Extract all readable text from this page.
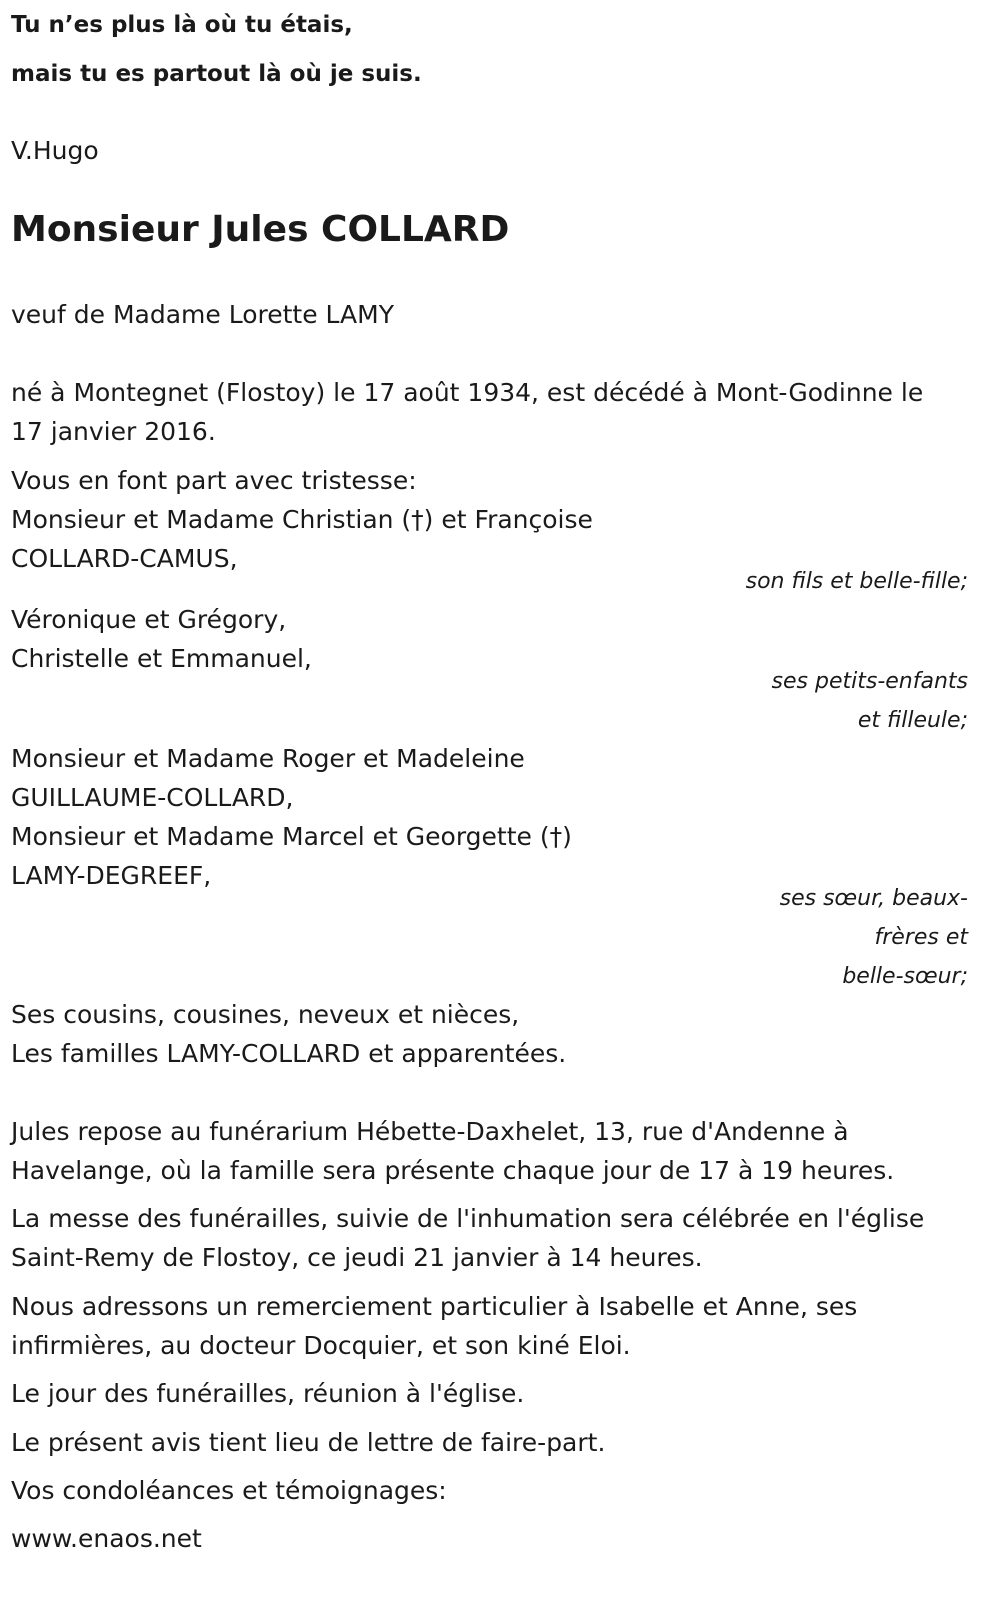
Tu n’es plus là où tu étais,
mais tu es partout là où je suis.
V.Hugo
Monsieur Jules COLLARD
veuf de Madame Lorette LAMY
né à Montegnet (Flostoy) le 17 août 1934, est décédé à Mont-Godinne le
17 janvier 2016.
Vous en font part avec tristesse:
Monsieur et Madame Christian (†) et Françoise
COLLARD-CAMUS,
son fils et belle-fille;
Véronique et Grégory,
Christelle et Emmanuel,
ses petits-enfants
et filleule;
Monsieur et Madame Roger et Madeleine
GUILLAUME-COLLARD,
Monsieur et Madame Marcel et Georgette (†)
LAMY-DEGREEF,
ses sœur, beaux-
frères et
belle-sœur;
Ses cousins, cousines, neveux et nièces,
Les familles LAMY-COLLARD et apparentées.
Jules repose au funérarium Hébette-Daxhelet, 13, rue d'Andenne à
Havelange, où la famille sera présente chaque jour de 17 à 19 heures.
La messe des funérailles, suivie de l'inhumation sera célébrée en l'église
Saint-Remy de Flostoy, ce jeudi 21 janvier à 14 heures.
Nous adressons un remerciement particulier à Isabelle et Anne, ses
infirmières, au docteur Docquier, et son kiné Eloi.
Le jour des funérailles, réunion à l'église.
Le présent avis tient lieu de lettre de faire-part.
Vos condoléances et témoignages:
www.enaos.net
